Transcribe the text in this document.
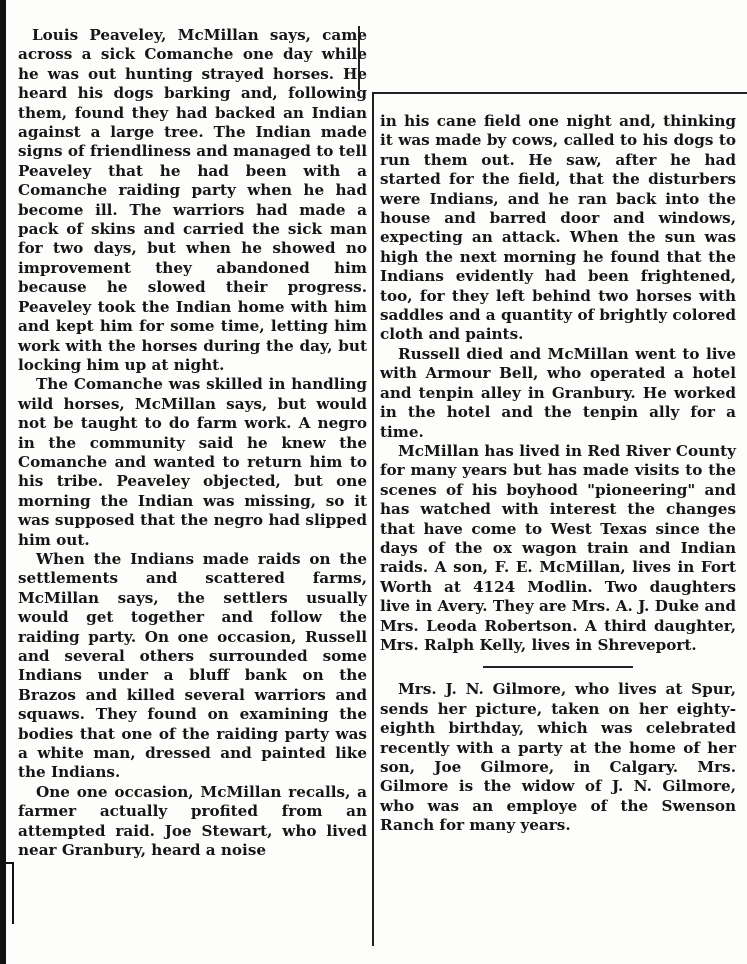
Louis Peaveley, McMillan says, came across a sick Comanche one day while he was out hunting strayed horses. He heard his dogs barking and, following them, found they had backed an Indian against a large tree. The Indian made signs of friendliness and managed to tell Peaveley that he had been with a Comanche raiding party when he had become ill. The warriors had made a pack of skins and carried the sick man for two days, but when he showed no improvement they abandoned him because he slowed their progress. Peaveley took the Indian home with him and kept him for some time, letting him work with the horses during the day, but locking him up at night.

The Comanche was skilled in handling wild horses, McMillan says, but would not be taught to do farm work. A negro in the community said he knew the Comanche and wanted to return him to his tribe. Peaveley objected, but one morning the Indian was missing, so it was supposed that the negro had slipped him out.

When the Indians made raids on the settlements and scattered farms, McMillan says, the settlers usually would get together and follow the raiding party. On one occasion, Russell and several others surrounded some Indians under a bluff bank on the Brazos and killed several warriors and squaws. They found on examining the bodies that one of the raiding party was a white man, dressed and painted like the Indians.

One one occasion, McMillan recalls, a farmer actually profited from an attempted raid. Joe Stewart, who lived near Granbury, heard a noise

in his cane field one night and, thinking it was made by cows, called to his dogs to run them out. He saw, after he had started for the field, that the disturbers were Indians, and he ran back into the house and barred door and windows, expecting an attack. When the sun was high the next morning he found that the Indians evidently had been frightened, too, for they left behind two horses with saddles and a quantity of brightly colored cloth and paints.

Russell died and McMillan went to live with Armour Bell, who operated a hotel and tenpin alley in Granbury. He worked in the hotel and the tenpin ally for a time.

McMillan has lived in Red River County for many years but has made visits to the scenes of his boyhood "pioneering" and has watched with interest the changes that have come to West Texas since the days of the ox wagon train and Indian raids. A son, F. E. McMillan, lives in Fort Worth at 4124 Modlin. Two daughters live in Avery. They are Mrs. A. J. Duke and Mrs. Leoda Robertson. A third daughter, Mrs. Ralph Kelly, lives in Shreveport.

Mrs. J. N. Gilmore, who lives at Spur, sends her picture, taken on her eighty-eighth birthday, which was celebrated recently with a party at the home of her son, Joe Gilmore, in Calgary. Mrs. Gilmore is the widow of J. N. Gilmore, who was an employe of the Swenson Ranch for many years.
